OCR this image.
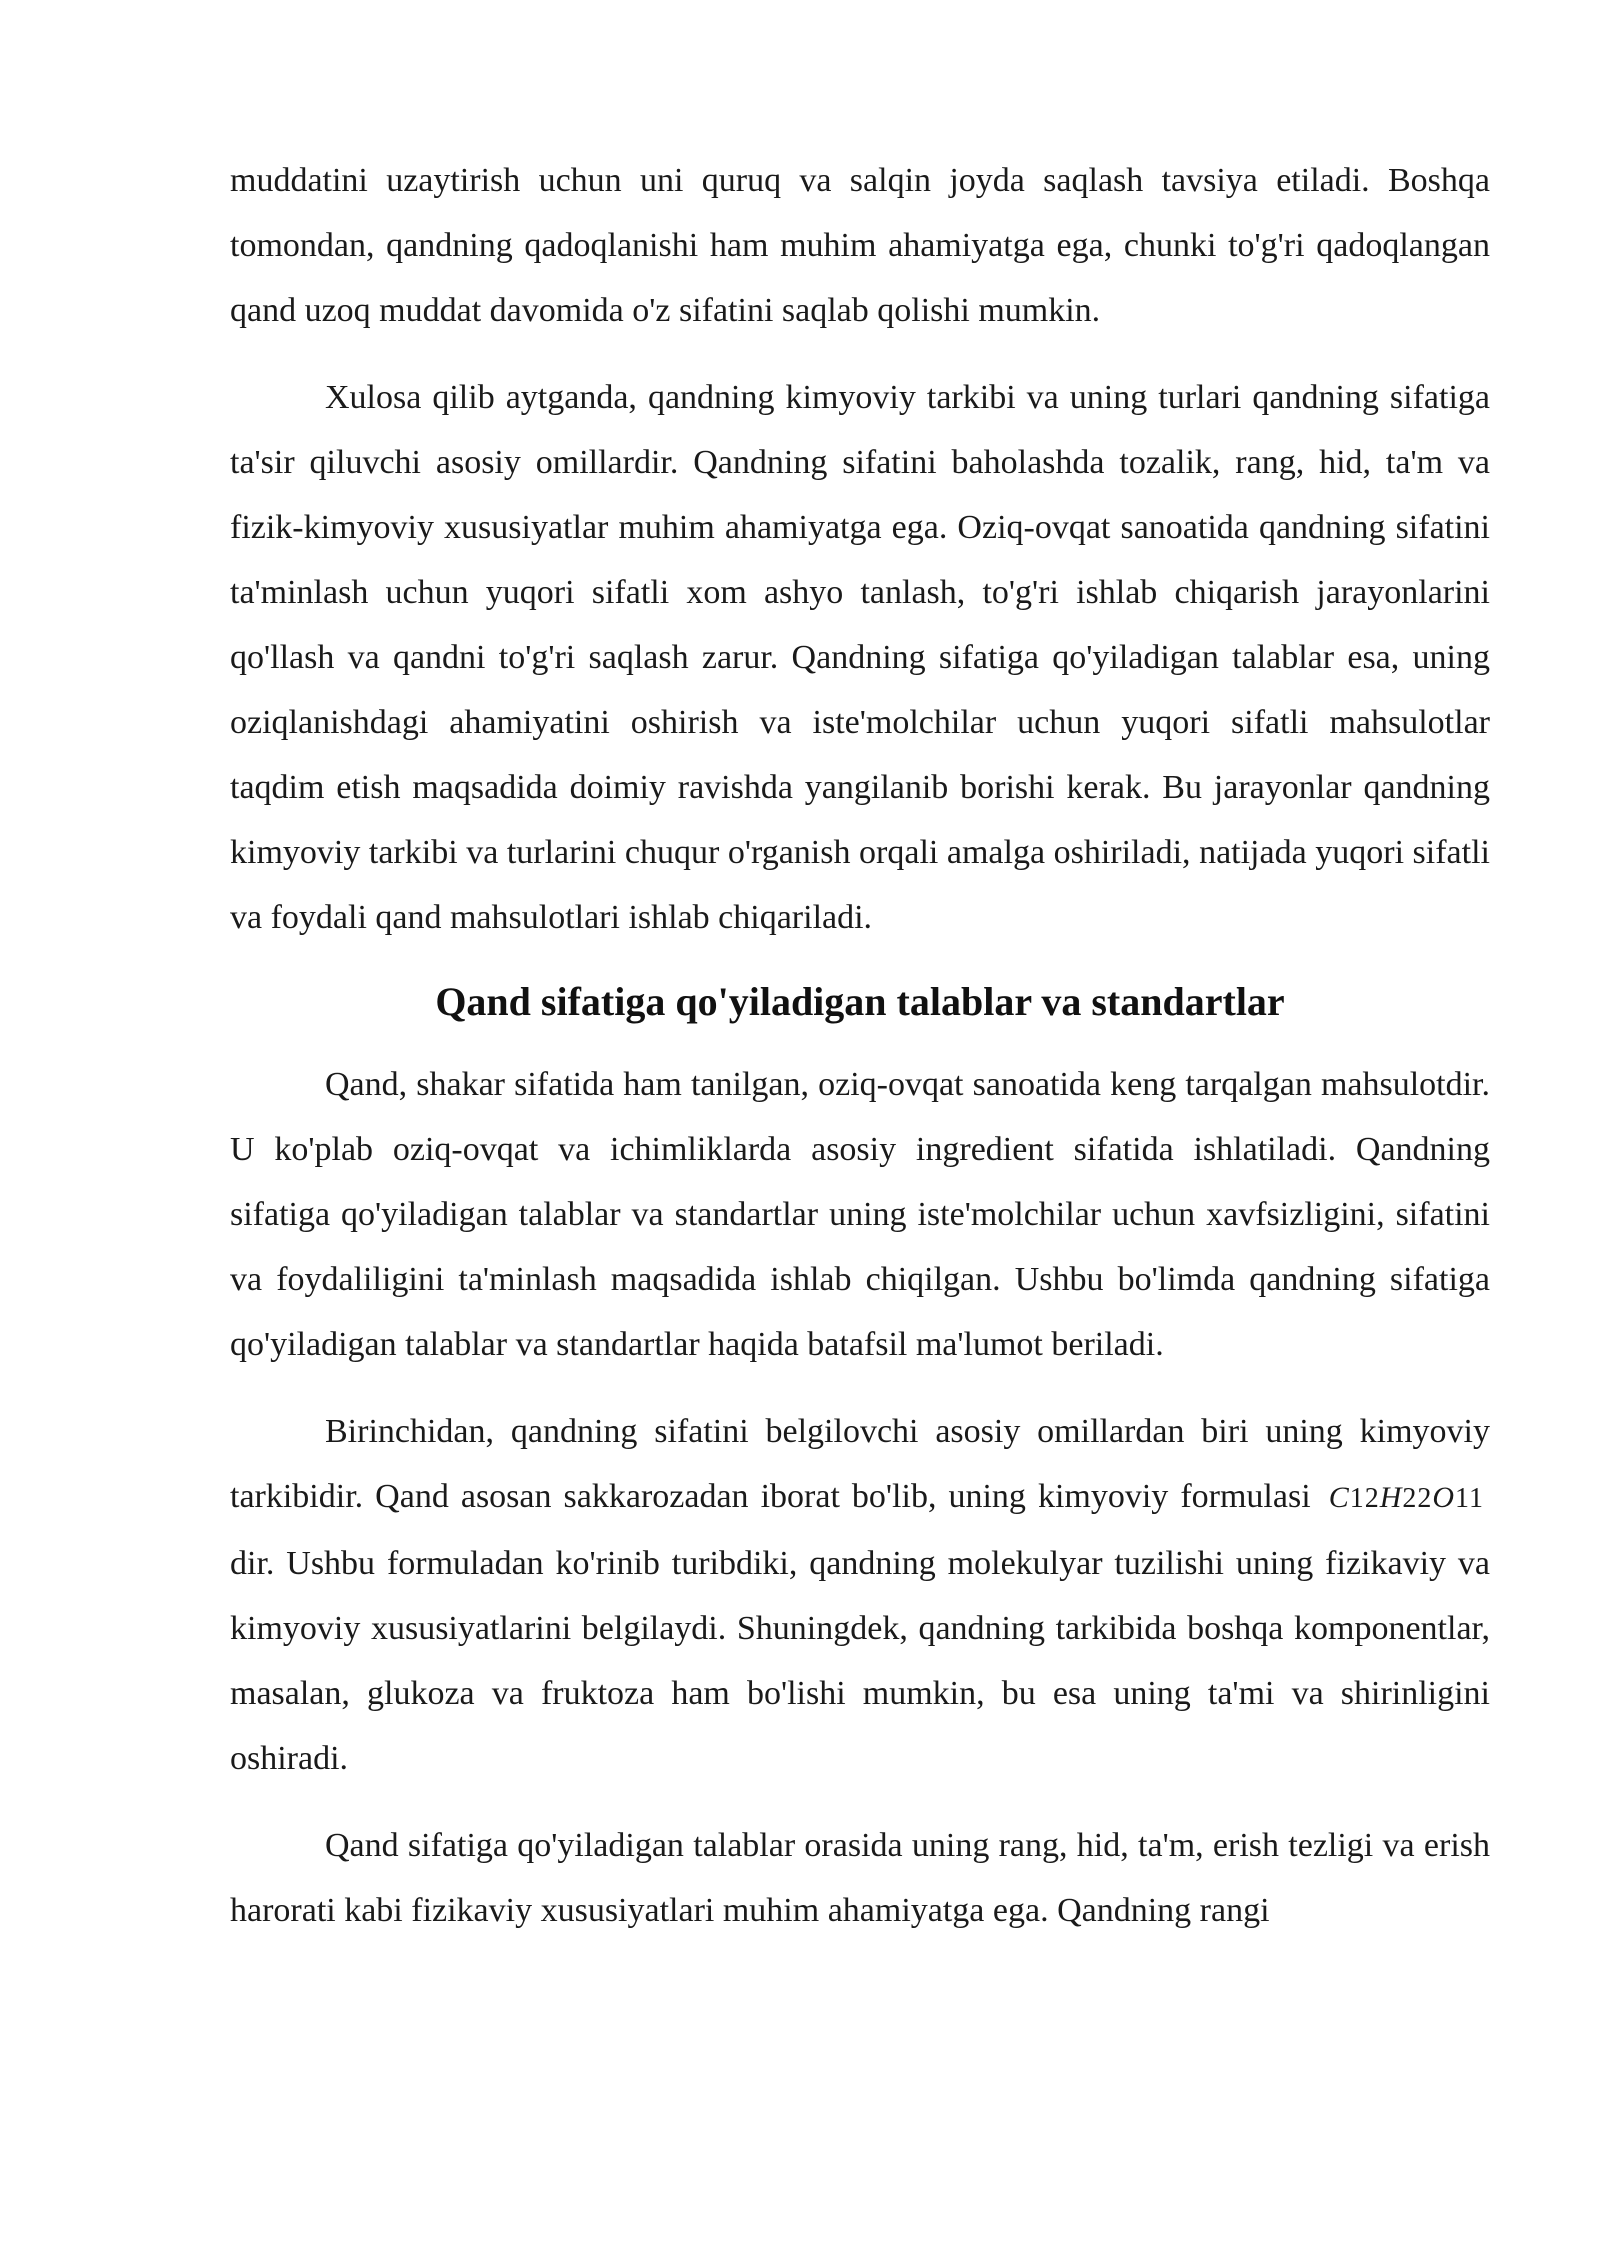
muddatini uzaytirish uchun uni quruq va salqin joyda saqlash tavsiya etiladi. Boshqa tomondan, qandning qadoqlanishi ham muhim ahamiyatga ega, chunki to'g'ri qadoqlangan qand uzoq muddat davomida o'z sifatini saqlab qolishi mumkin.

Xulosa qilib aytganda, qandning kimyoviy tarkibi va uning turlari qandning sifatiga ta'sir qiluvchi asosiy omillardir. Qandning sifatini baholashda tozalik, rang, hid, ta'm va fizik-kimyoviy xususiyatlar muhim ahamiyatga ega. Oziq-ovqat sanoatida qandning sifatini ta'minlash uchun yuqori sifatli xom ashyo tanlash, to'g'ri ishlab chiqarish jarayonlarini qo'llash va qandni to'g'ri saqlash zarur. Qandning sifatiga qo'yiladigan talablar esa, uning oziqlanishdagi ahamiyatini oshirish va iste'molchilar uchun yuqori sifatli mahsulotlar taqdim etish maqsadida doimiy ravishda yangilanib borishi kerak. Bu jarayonlar qandning kimyoviy tarkibi va turlarini chuqur o'rganish orqali amalga oshiriladi, natijada yuqori sifatli va foydali qand mahsulotlari ishlab chiqariladi.

Qand sifatiga qo'yiladigan talablar va standartlar

Qand, shakar sifatida ham tanilgan, oziq-ovqat sanoatida keng tarqalgan mahsulotdir. U ko'plab oziq-ovqat va ichimliklarda asosiy ingredient sifatida ishlatiladi. Qandning sifatiga qo'yiladigan talablar va standartlar uning iste'molchilar uchun xavfsizligini, sifatini va foydaliligini ta'minlash maqsadida ishlab chiqilgan. Ushbu bo'limda qandning sifatiga qo'yiladigan talablar va standartlar haqida batafsil ma'lumot beriladi.

Birinchidan, qandning sifatini belgilovchi asosiy omillardan biri uning kimyoviy tarkibidir. Qand asosan sakkarozadan iborat bo'lib, uning kimyoviy formulasi C12H22O11 dir. Ushbu formuladan ko'rinib turibdiki, qandning molekulyar tuzilishi uning fizikaviy va kimyoviy xususiyatlarini belgilaydi. Shuningdek, qandning tarkibida boshqa komponentlar, masalan, glukoza va fruktoza ham bo'lishi mumkin, bu esa uning ta'mi va shirinligini oshiradi.

Qand sifatiga qo'yiladigan talablar orasida uning rang, hid, ta'm, erish tezligi va erish harorati kabi fizikaviy xususiyatlari muhim ahamiyatga ega. Qandning rangi
